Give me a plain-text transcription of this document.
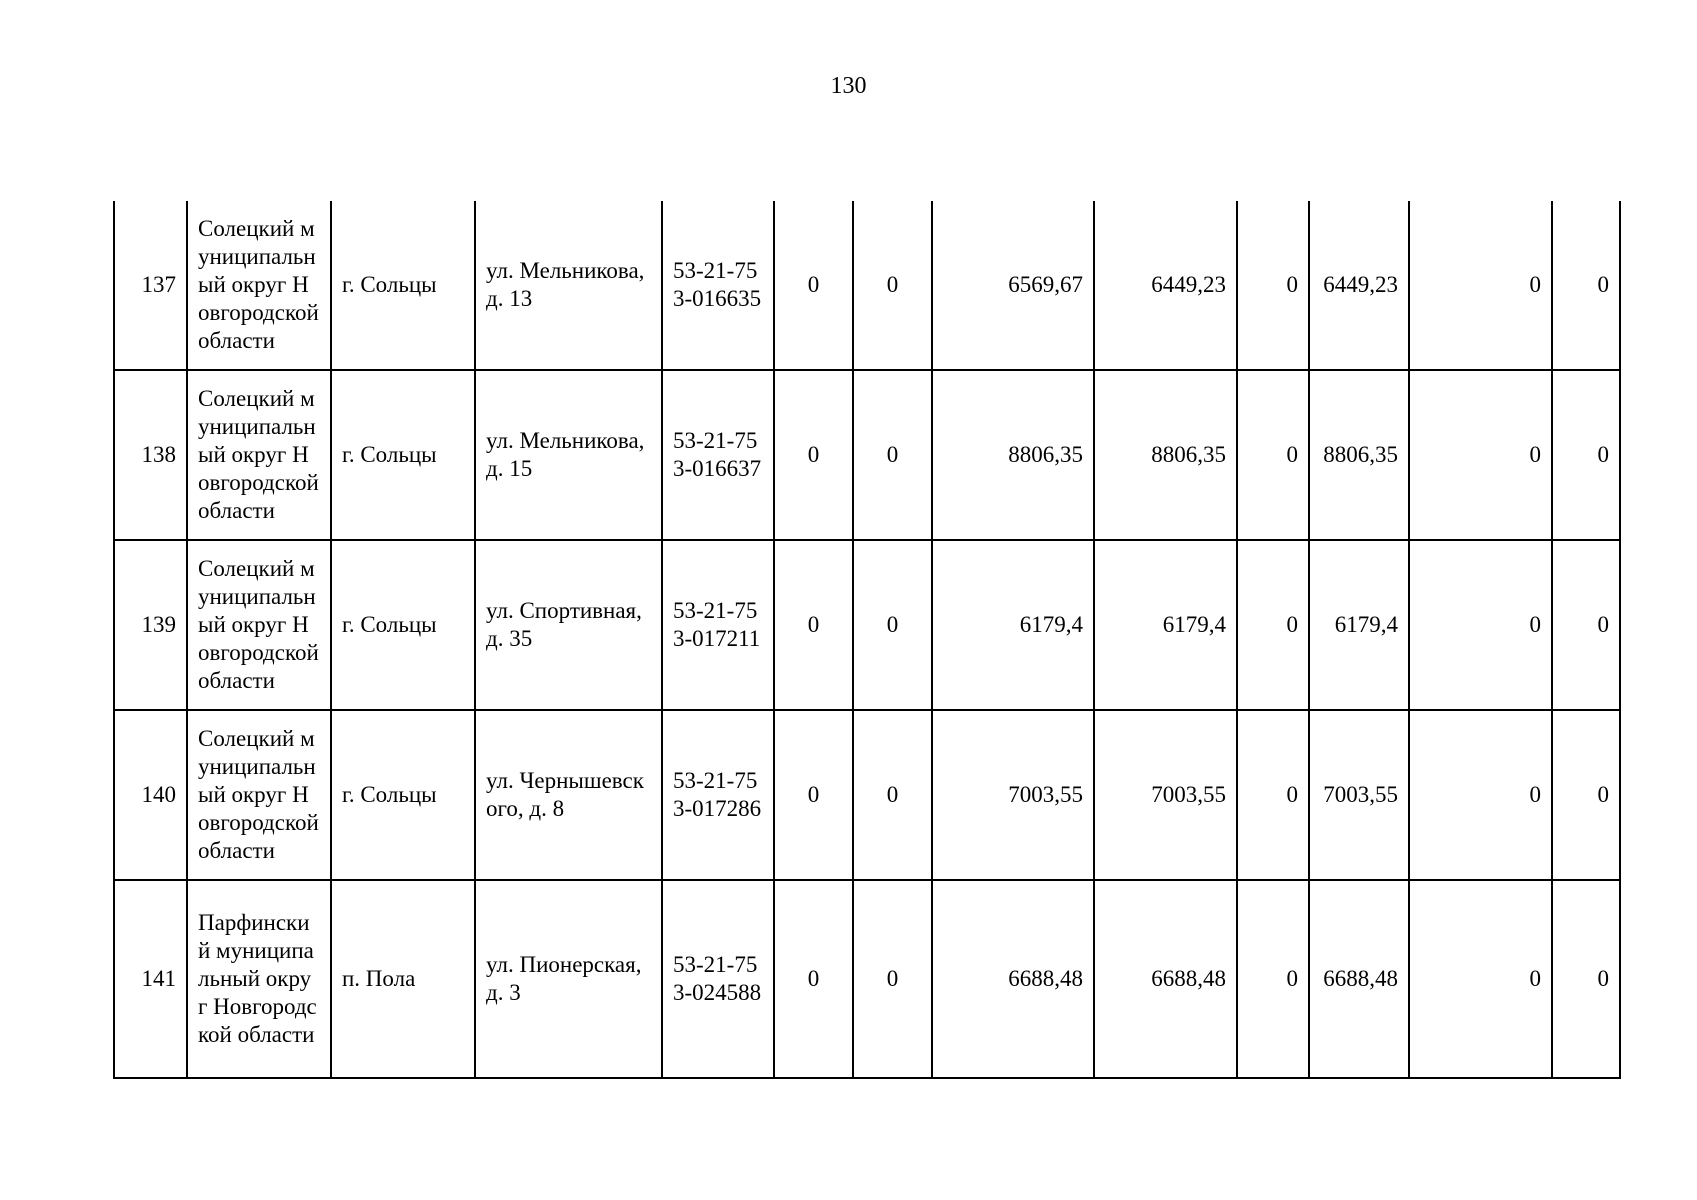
130
137	Солецкий муниципальный округ Новгородской области	г. Сольцы	ул. Мельникова, д. 13	53-21-753-016635	0	0	6569,67	6449,23	0	6449,23	0	0
138	Солецкий муниципальный округ Новгородской области	г. Сольцы	ул. Мельникова, д. 15	53-21-753-016637	0	0	8806,35	8806,35	0	8806,35	0	0
139	Солецкий муниципальный округ Новгородской области	г. Сольцы	ул. Спортивная, д. 35	53-21-753-017211	0	0	6179,4	6179,4	0	6179,4	0	0
140	Солецкий муниципальный округ Новгородской области	г. Сольцы	ул. Чернышевского, д. 8	53-21-753-017286	0	0	7003,55	7003,55	0	7003,55	0	0
141	Парфинский муниципальный округ Новгородской области	п. Пола	ул. Пионерская, д. 3	53-21-753-024588	0	0	6688,48	6688,48	0	6688,48	0	0
